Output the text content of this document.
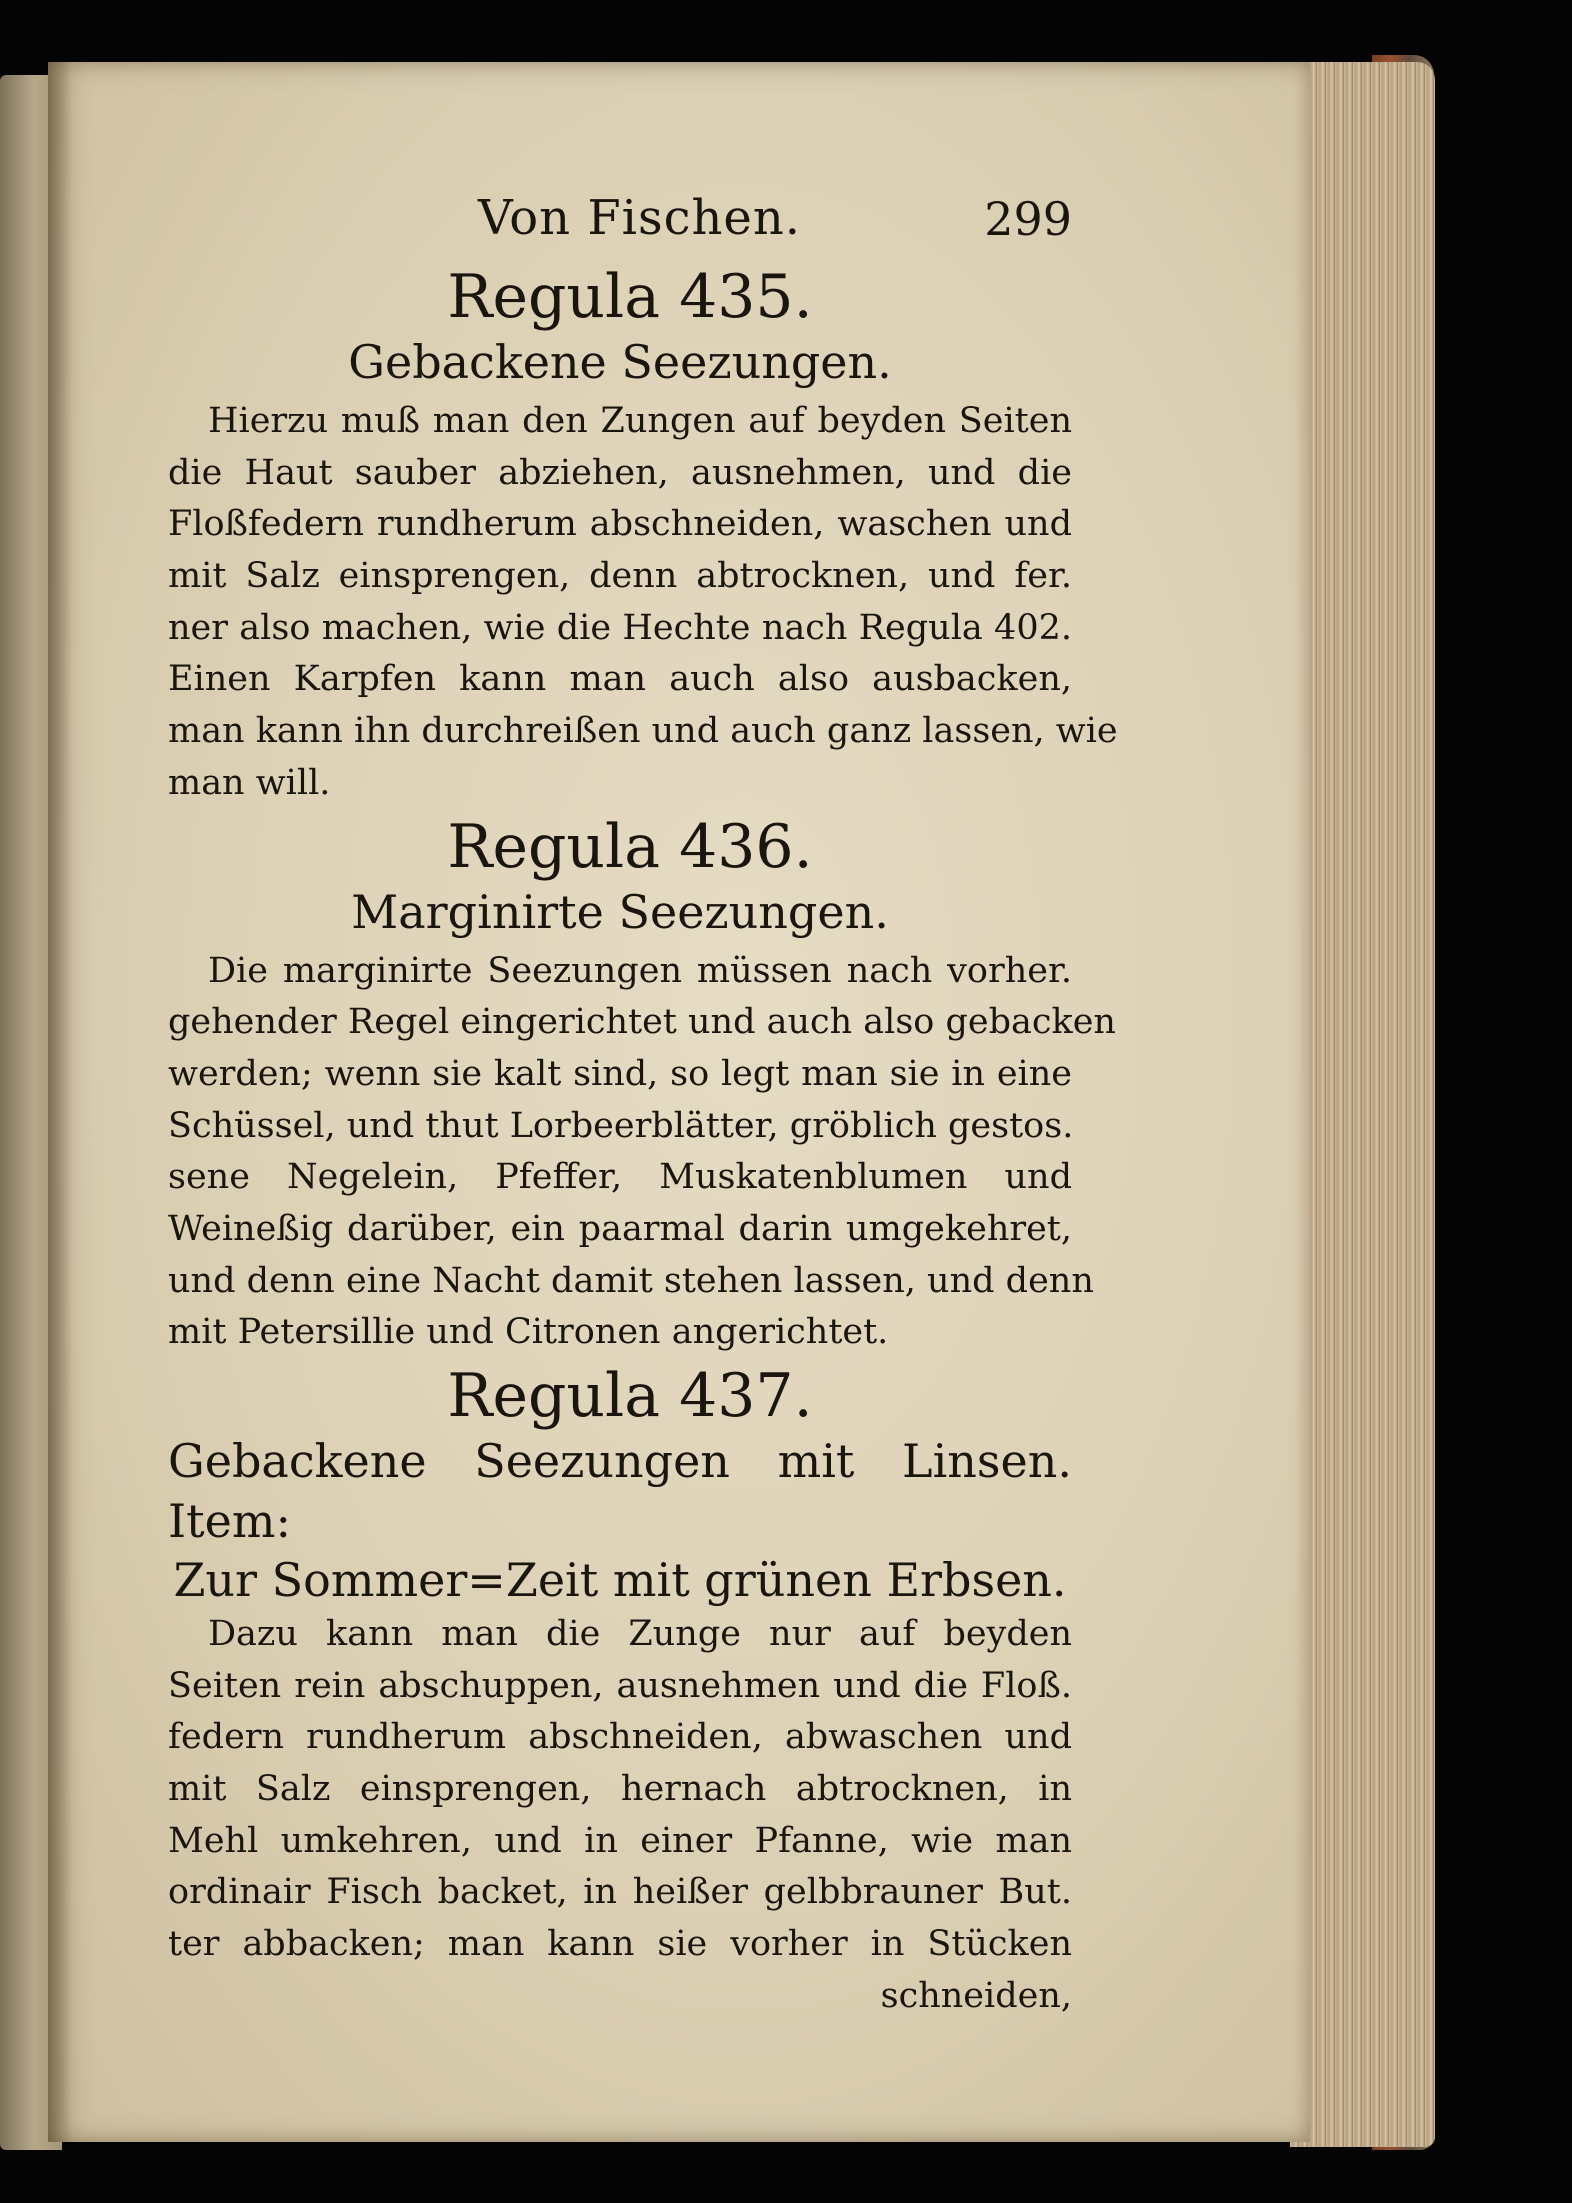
Von Fischen.	299
Regula 435.
Gebackene Seezungen.
Hierzu muß man den Zungen auf beyden Seiten
die Haut sauber abziehen, ausnehmen, und die
Floßfedern rundherum abschneiden, waschen und
mit Salz einsprengen, denn abtrocknen, und fer.
ner also machen, wie die Hechte nach Regula 402.
Einen Karpfen kann man auch also ausbacken,
man kann ihn durchreißen und auch ganz lassen, wie
man will.
Regula 436.
Marginirte Seezungen.
Die marginirte Seezungen müssen nach vorher.
gehender Regel eingerichtet und auch also gebacken
werden; wenn sie kalt sind, so legt man sie in eine
Schüssel, und thut Lorbeerblätter, gröblich gestos.
sene Negelein, Pfeffer, Muskatenblumen und
Weineßig darüber, ein paarmal darin umgekehret,
und denn eine Nacht damit stehen lassen, und denn
mit Petersillie und Citronen angerichtet.
Regula 437.
Gebackene Seezungen mit Linsen. Item:
Zur Sommer=Zeit mit grünen Erbsen.
Dazu kann man die Zunge nur auf beyden
Seiten rein abschuppen, ausnehmen und die Floß.
federn rundherum abschneiden, abwaschen und
mit Salz einsprengen, hernach abtrocknen, in
Mehl umkehren, und in einer Pfanne, wie man
ordinair Fisch backet, in heißer gelbbrauner But.
ter abbacken; man kann sie vorher in Stücken
schneiden,
